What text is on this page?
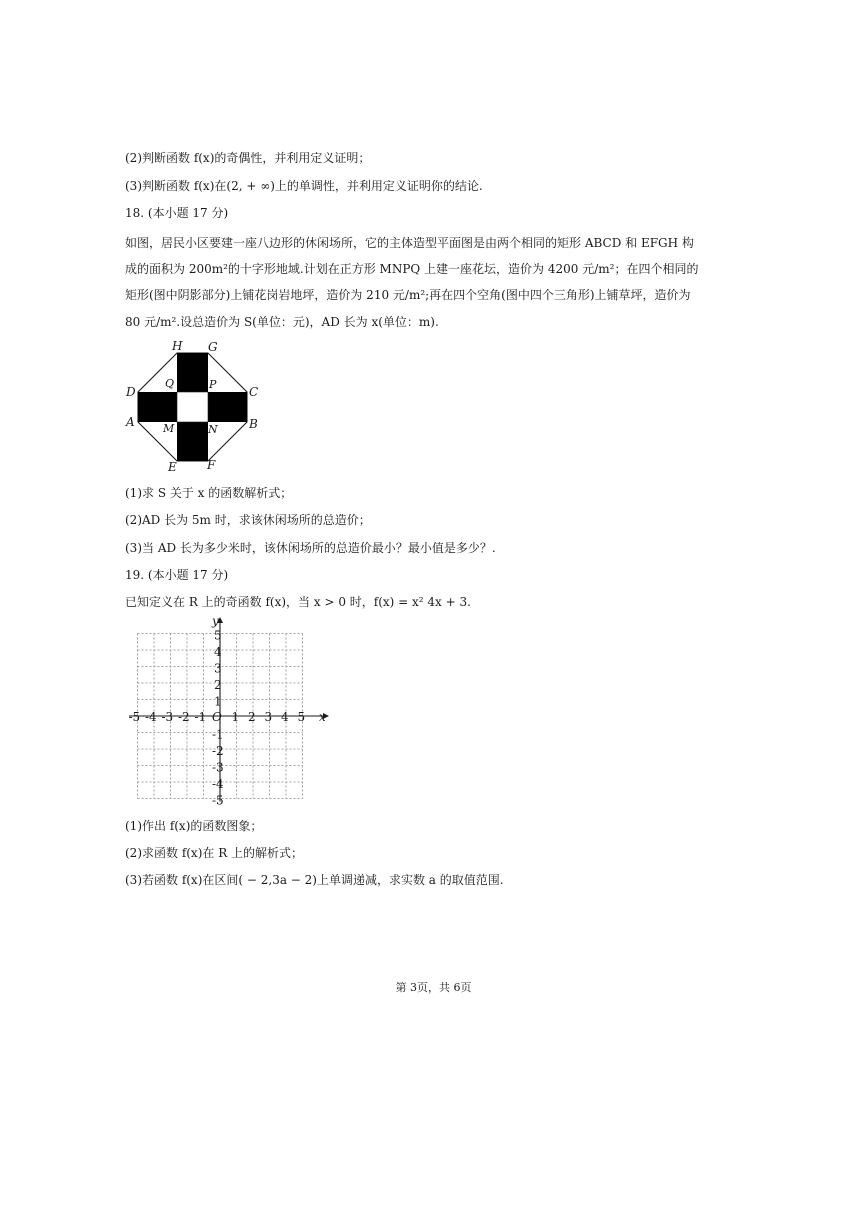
(2)判断函数 f(x)的奇偶性，并利用定义证明；
(3)判断函数 f(x)在(2, + ∞)上的单调性，并利用定义证明你的结论.
18. (本小题 17 分)
如图，居民小区要建一座八边形的休闲场所，它的主体造型平面图是由两个相同的矩形 ABCD 和 EFGH 构
成的面积为 200m²的十字形地域.计划在正方形 MNPQ 上建一座花坛，造价为 4200 元/m²；在四个相同的
矩形(图中阴影部分)上铺花岗岩地坪，造价为 210 元/m²;再在四个空角(图中四个三角形)上铺草坪，造价为
80 元/m².设总造价为 S(单位：元)，AD 长为 x(单位：m).
H G
D	C
A	B
E	F
Q	P
M	N
(1)求 S 关于 x 的函数解析式；
(2)AD 长为 5m 时，求该休闲场所的总造价；
(3)当 AD 长为多少米时，该休闲场所的总造价最小？最小值是多少？.
19. (本小题 17 分)
已知定义在 R 上的奇函数 f(x)，当 x > 0 时，f(x) = x² 4x + 3.
x
y
O
-5 -4 -3 -2 -1 1 2 3 4 5
5
4
3
2
1
-1
-2
-3
-4
-5
(1)作出 f(x)的函数图象；
(2)求函数 f(x)在 R 上的解析式；
(3)若函数 f(x)在区间( − 2,3a − 2)上单调递减，求实数 a 的取值范围.
第 3页，共 6页
